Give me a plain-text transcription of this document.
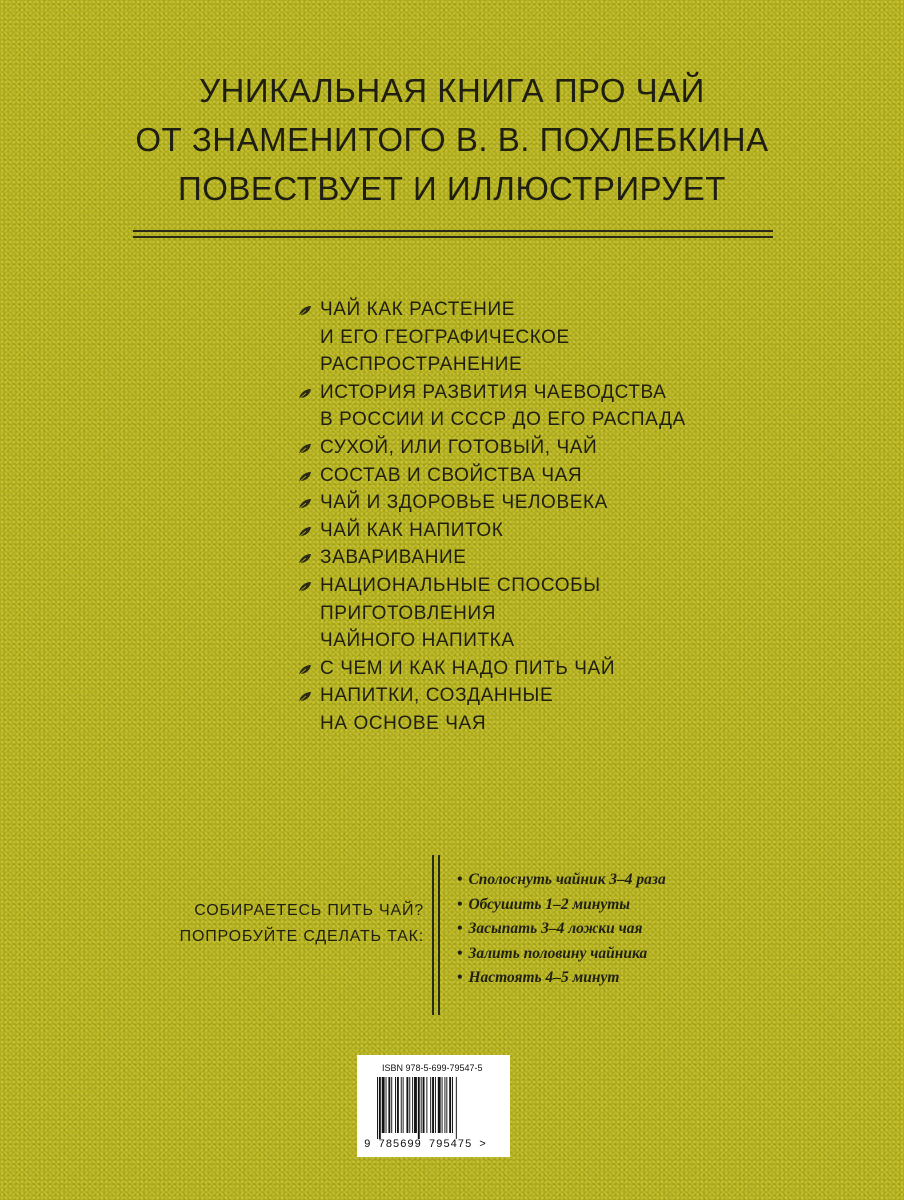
УНИКАЛЬНАЯ КНИГА ПРО ЧАЙ
ОТ ЗНАМЕНИТОГО В. В. ПОХЛЕБКИНА
ПОВЕСТВУЕТ И ИЛЛЮСТРИРУЕТ
ЧАЙ КАК РАСТЕНИЕ
И ЕГО ГЕОГРАФИЧЕСКОЕ
РАСПРОСТРАНЕНИЕ
ИСТОРИЯ РАЗВИТИЯ ЧАЕВОДСТВА
В РОССИИ И СССР ДО ЕГО РАСПАДА
СУХОЙ, ИЛИ ГОТОВЫЙ, ЧАЙ
СОСТАВ И СВОЙСТВА ЧАЯ
ЧАЙ И ЗДОРОВЬЕ ЧЕЛОВЕКА
ЧАЙ КАК НАПИТОК
ЗАВАРИВАНИЕ
НАЦИОНАЛЬНЫЕ СПОСОБЫ
ПРИГОТОВЛЕНИЯ
ЧАЙНОГО НАПИТКА
С ЧЕМ И КАК НАДО ПИТЬ ЧАЙ
НАПИТКИ, СОЗДАННЫЕ
НА ОСНОВЕ ЧАЯ
СОБИРАЕТЕСЬ ПИТЬ ЧАЙ?
ПОПРОБУЙТЕ СДЕЛАТЬ ТАК:
• Сполоснуть чайник 3–4 раза
• Обсушить 1–2 минуты
• Засыпать 3–4 ложки чая
• Залить половину чайника
• Настоять 4–5 минут
ISBN 978-5-699-79547-5
9 785699 795475 >
